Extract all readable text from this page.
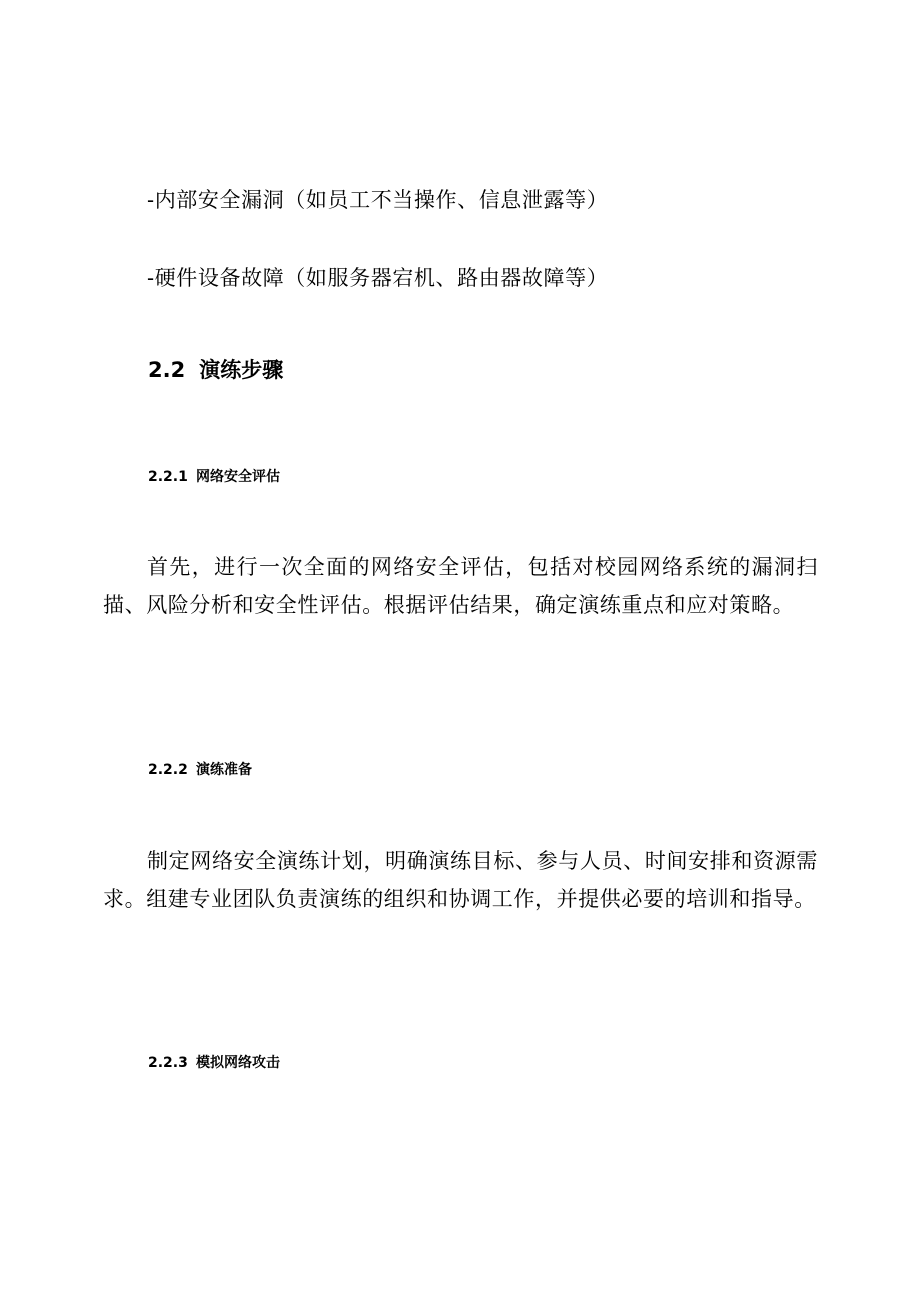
-内部安全漏洞（如员工不当操作、信息泄露等）
-硬件设备故障（如服务器宕机、路由器故障等）
2.2 演练步骤
2.2.1 网络安全评估

首先，进行一次全面的网络安全评估，包括对校园网络系统的漏洞扫描、风险分析和安全性评估。根据评估结果，确定演练重点和应对策略。

2.2.2 演练准备

制定网络安全演练计划，明确演练目标、参与人员、时间安排和资源需求。组建专业团队负责演练的组织和协调工作，并提供必要的培训和指导。

2.2.3 模拟网络攻击
